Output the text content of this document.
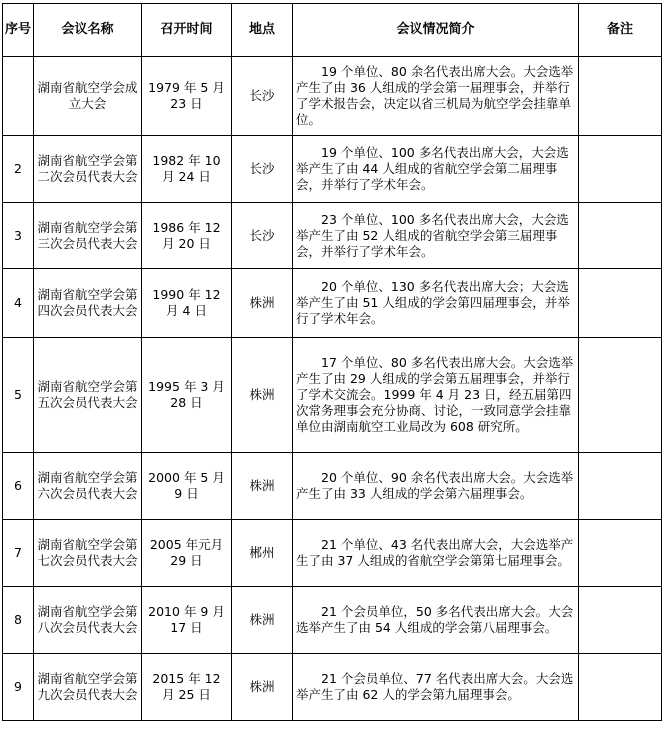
序号	会议名称	召开时间	地点	会议情况简介	备注
	湖南省航空学会成立大会	1979 年 5 月 23 日	长沙	19 个单位、80 余名代表出席大会。大会选举产生了由 36 人组成的学会第一届理事会，并举行了学术报告会，决定以省三机局为航空学会挂靠单位。	
2	湖南省航空学会第二次会员代表大会	1982 年 10 月 24 日	长沙	19 个单位、100 多名代表出席大会，大会选举产生了由 44 人组成的省航空学会第二届理事会，并举行了学术年会。	
3	湖南省航空学会第三次会员代表大会	1986 年 12 月 20 日	长沙	23 个单位、100 多名代表出席大会，大会选举产生了由 52 人组成的省航空学会第三届理事会，并举行了学术年会。	
4	湖南省航空学会第四次会员代表大会	1990 年 12 月 4 日	株洲	20 个单位、130 多名代表出席大会；大会选举产生了由 51 人组成的学会第四届理事会，并举行了学术年会。	
5	湖南省航空学会第五次会员代表大会	1995 年 3 月 28 日	株洲	17 个单位、80 多名代表出席大会。大会选举产生了由 29 人组成的学会第五届理事会，并举行了学术交流会。1999 年 4 月 23 日，经五届第四次常务理事会充分协商、讨论，一致同意学会挂靠单位由湖南航空工业局改为 608 研究所。	
6	湖南省航空学会第六次会员代表大会	2000 年 5 月 9 日	株洲	20 个单位、90 余名代表出席大会。大会选举产生了由 33 人组成的学会第六届理事会。	
7	湖南省航空学会第七次会员代表大会	2005 年元月 29 日	郴州	21 个单位、43 名代表出席大会，大会选举产生了由 37 人组成的省航空学会第第七届理事会。	
8	湖南省航空学会第八次会员代表大会	2010 年 9 月 17 日	株洲	21 个会员单位，50 多名代表出席大会。大会选举产生了由 54 人组成的学会第八届理事会。	
9	湖南省航空学会第九次会员代表大会	2015 年 12 月 25 日	株洲	21 个会员单位、77 名代表出席大会。大会选举产生了由 62 人的学会第九届理事会。	
